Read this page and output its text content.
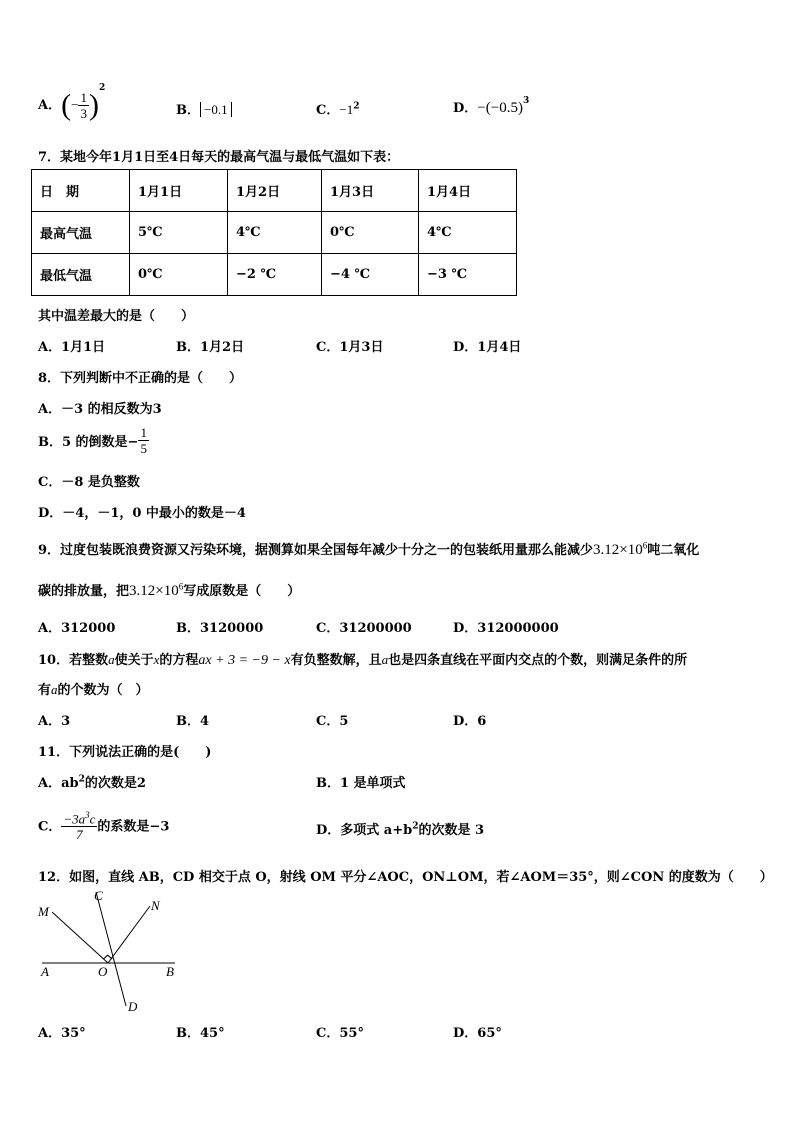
A．(− $\frac{1}{3} )^2$
B． −0.1	C．$-1^2$	D．$-(-0.5)^3$
7．某地今年1月1日至4日每天的最高气温与最低气温如下表：
日　期	1月1日	1月2日	1月3日	1月4日
最高气温	5℃	4℃	0℃	4℃
最低气温	0℃	−2 ℃	−4 ℃	−3 ℃
其中温差最大的是（　　）
A．1月1日	B．1月2日	C．1月3日	D．1月4日
8．下列判断中不正确的是（　　）
A．－3 的相反数为3
B．5 的倒数是− $\frac{1}{5}$
C．－8 是负整数
D．－4，－1，0 中最小的数是－4
9．过度包装既浪费资源又污染环境，据测算如果全国每年减少十分之一的包装纸用量那么能减少$3.12\times 10^6$吨二氧化
碳的排放量，把$3.12\times 10^6$写成原数是（　　）
A．312000	B．3120000	C．31200000	D．312000000
10．若整数a使关于x的方程ax + 3 = −9 − x有负整数解，且a也是四条直线在平面内交点的个数，则满足条件的所
有a的个数为（　）
A．3	B．4	C．5	D．6
11．下列说法正确的是(　　)
A．$ab^2$的次数是2	B．1 是单项式
C． $\frac{-3a^3c}{7}$ 的系数是−3	D．多项式 $a+b^2$的次数是 3
12．如图，直线 AB，CD 相交于点 O，射线 OM 平分∠AOC，ON⊥OM，若∠AOM＝35°，则∠CON 的度数为（　　）
M
C
N
A	O	B
D
A．35°	B．45°	C．55°	D．65°
